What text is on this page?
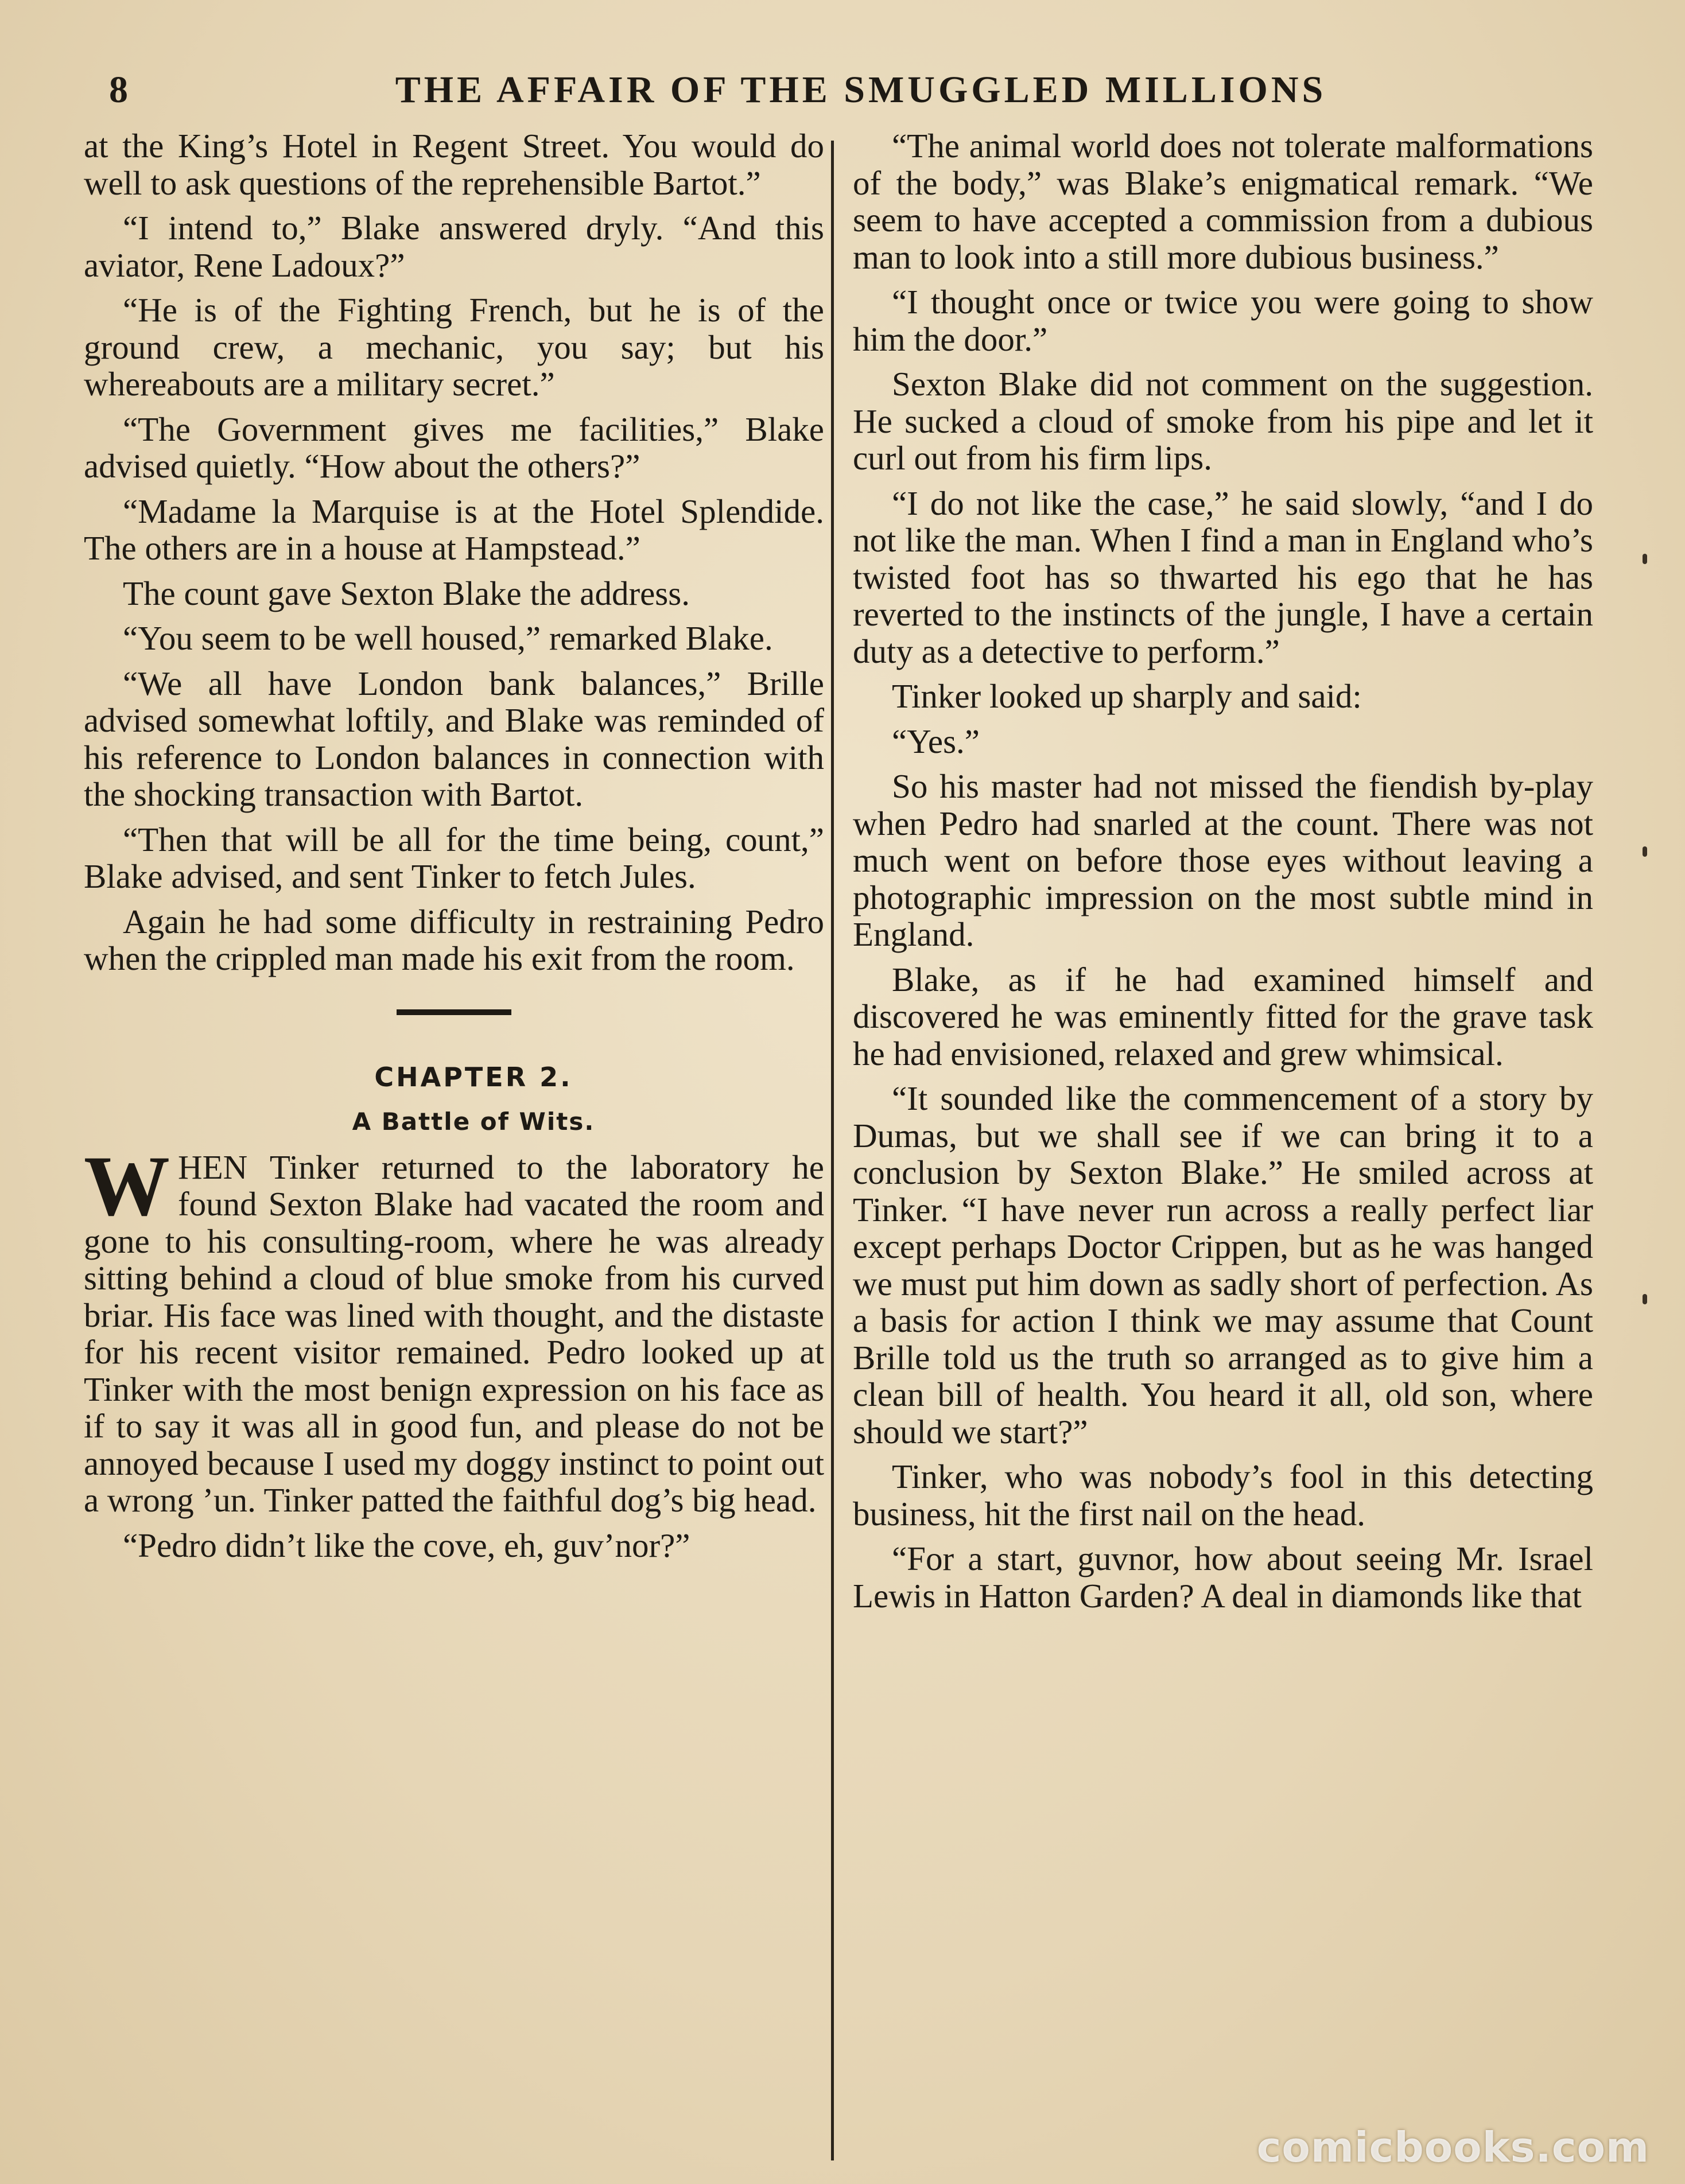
8	THE AFFAIR OF THE SMUGGLED MILLIONS

at the King’s Hotel in Regent Street. You would do well to ask questions of the reprehensible Bartot.”

“I intend to,” Blake answered dryly. “And this aviator, Rene Ladoux?”

“He is of the Fighting French, but he is of the ground crew, a mechanic, you say; but his whereabouts are a military secret.”

“The Government gives me facilities,” Blake advised quietly. “How about the others?”

“Madame la Marquise is at the Hotel Splendide. The others are in a house at Hampstead.”

The count gave Sexton Blake the address.

“You seem to be well housed,” remarked Blake.

“We all have London bank balances,” Brille advised somewhat loftily, and Blake was reminded of his reference to London balances in connection with the shocking transaction with Bartot.

“Then that will be all for the time being, count,” Blake advised, and sent Tinker to fetch Jules.

Again he had some difficulty in restraining Pedro when the crippled man made his exit from the room.

CHAPTER 2.

A Battle of Wits.

WHEN Tinker returned to the laboratory he found Sexton Blake had vacated the room and gone to his consulting-room, where he was already sitting behind a cloud of blue smoke from his curved briar. His face was lined with thought, and the distaste for his recent visitor remained. Pedro looked up at Tinker with the most benign expression on his face as if to say it was all in good fun, and please do not be annoyed because I used my doggy instinct to point out a wrong ’un. Tinker patted the faithful dog’s big head.

“Pedro didn’t like the cove, eh, guv’nor?”

“The animal world does not tolerate malformations of the body,” was Blake’s enigmatical remark. “We seem to have accepted a commission from a dubious man to look into a still more dubious business.”

“I thought once or twice you were going to show him the door.”

Sexton Blake did not comment on the suggestion. He sucked a cloud of smoke from his pipe and let it curl out from his firm lips.

“I do not like the case,” he said slowly, “and I do not like the man. When I find a man in England who’s twisted foot has so thwarted his ego that he has reverted to the instincts of the jungle, I have a certain duty as a detective to perform.”

Tinker looked up sharply and said:

“Yes.”

So his master had not missed the fiendish by-play when Pedro had snarled at the count. There was not much went on before those eyes without leaving a photographic impression on the most subtle mind in England.

Blake, as if he had examined himself and discovered he was eminently fitted for the grave task he had envisioned, relaxed and grew whimsical.

“It sounded like the commencement of a story by Dumas, but we shall see if we can bring it to a conclusion by Sexton Blake.” He smiled across at Tinker. “I have never run across a really perfect liar except perhaps Doctor Crippen, but as he was hanged we must put him down as sadly short of perfection. As a basis for action I think we may assume that Count Brille told us the truth so arranged as to give him a clean bill of health. You heard it all, old son, where should we start?”

Tinker, who was nobody’s fool in this detecting business, hit the first nail on the head.

“For a start, guvnor, how about seeing Mr. Israel Lewis in Hatton Garden? A deal in diamonds like that

comicbooks.com
